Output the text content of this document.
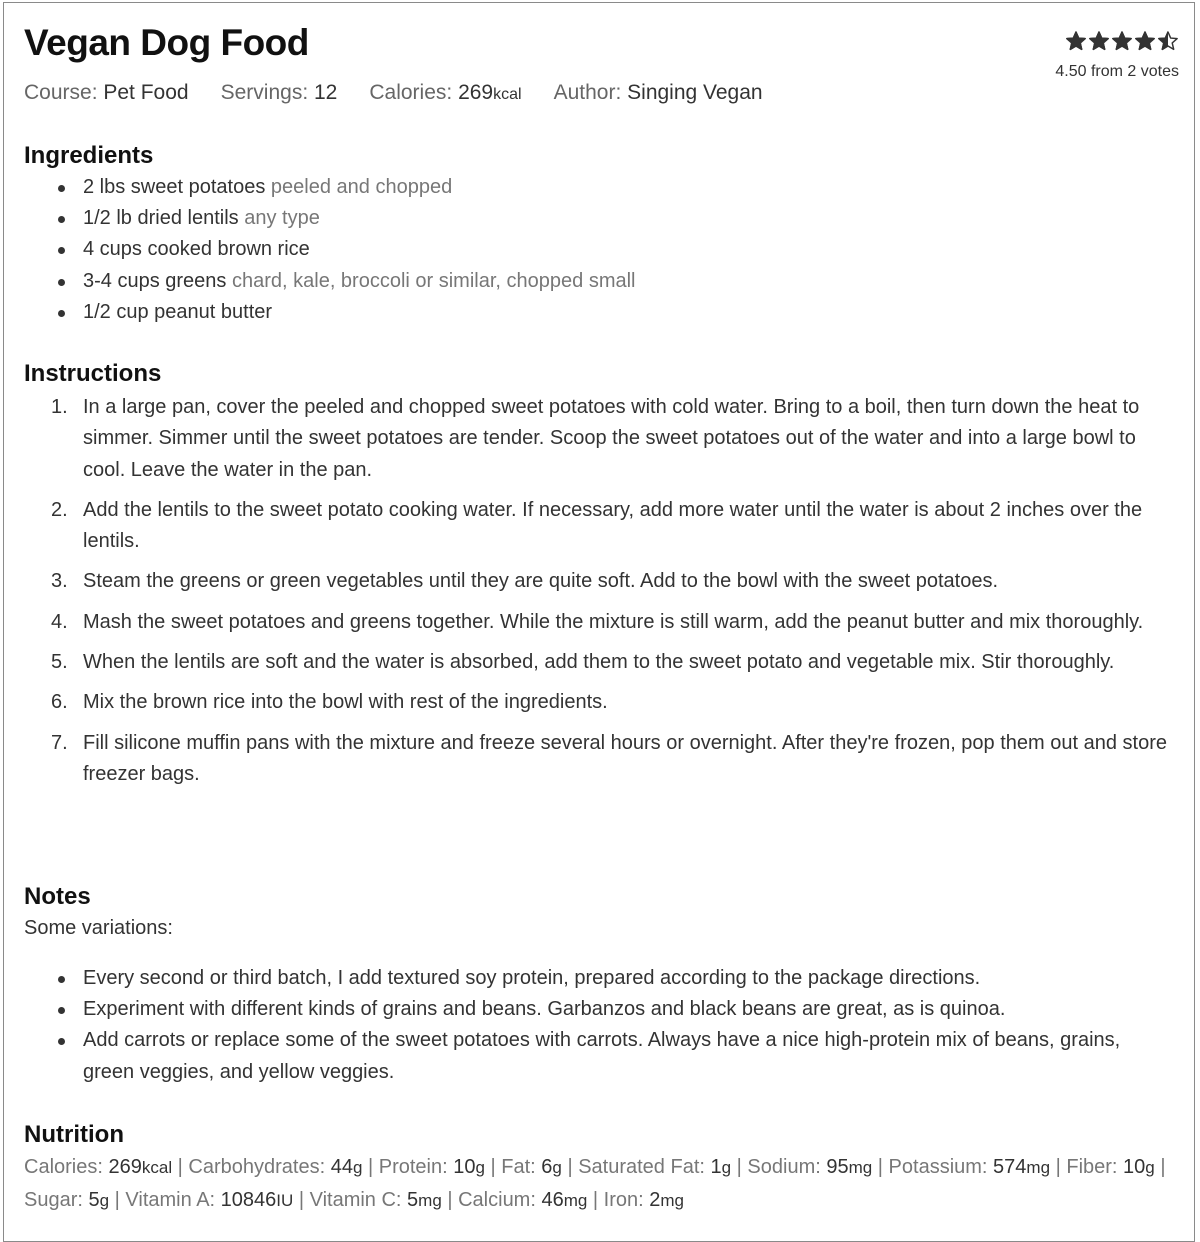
Vegan Dog Food
Course: Pet Food Servings: 12 Calories: 269kcal Author: Singing Vegan
4.50 from 2 votes
Ingredients
2 lbs sweet potatoes peeled and chopped
1/2 lb dried lentils any type
4 cups cooked brown rice
3-4 cups greens chard, kale, broccoli or similar, chopped small
1/2 cup peanut butter
Instructions
1. In a large pan, cover the peeled and chopped sweet potatoes with cold water. Bring to a boil, then turn down the heat to simmer. Simmer until the sweet potatoes are tender. Scoop the sweet potatoes out of the water and into a large bowl to cool. Leave the water in the pan.
2. Add the lentils to the sweet potato cooking water. If necessary, add more water until the water is about 2 inches over the lentils.
3. Steam the greens or green vegetables until they are quite soft. Add to the bowl with the sweet potatoes.
4. Mash the sweet potatoes and greens together. While the mixture is still warm, add the peanut butter and mix thoroughly.
5. When the lentils are soft and the water is absorbed, add them to the sweet potato and vegetable mix. Stir thoroughly.
6. Mix the brown rice into the bowl with rest of the ingredients.
7. Fill silicone muffin pans with the mixture and freeze several hours or overnight. After they're frozen, pop them out and store freezer bags.
Notes

Some variations:

Every second or third batch, I add textured soy protein, prepared according to the package directions.
Experiment with different kinds of grains and beans. Garbanzos and black beans are great, as is quinoa.
Add carrots or replace some of the sweet potatoes with carrots. Always have a nice high-protein mix of beans, grains, green veggies, and yellow veggies.
Nutrition
Calories: 269kcal | Carbohydrates: 44g | Protein: 10g | Fat: 6g | Saturated Fat: 1g | Sodium: 95mg | Potassium: 574mg | Fiber: 10g | Sugar: 5g | Vitamin A: 10846IU | Vitamin C: 5mg | Calcium: 46mg | Iron: 2mg
